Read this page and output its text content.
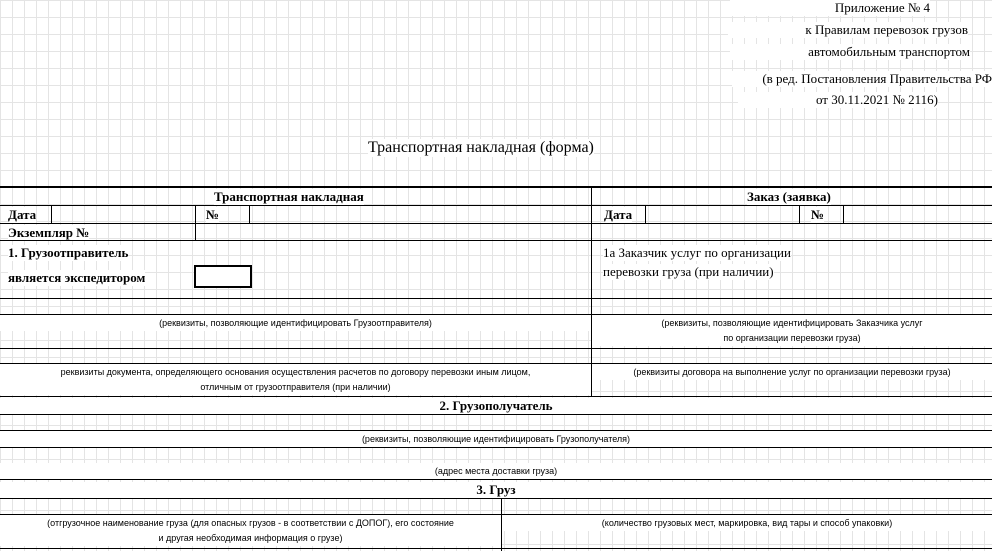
Приложение № 4
к Правилам перевозок грузов
автомобильным транспортом
(в ред. Постановления Правительства РФ
от 30.11.2021 № 2116)
Транспортная накладная (форма)
Транспортная накладная	Заказ (заявка)
Дата	№	Дата	№
Экземпляр №
1. Грузоотправитель
является экспедитором
1а Заказчик услуг по организации
перевозки груза (при наличии)
(реквизиты, позволяющие идентифицировать Грузоотправителя)	(реквизиты, позволяющие идентифицировать Заказчика услуг
по организации перевозки груза)
реквизиты документа, определяющего основания осуществления расчетов по договору перевозки иным лицом,
отличным от грузоотправителя (при наличии)
(реквизиты договора на выполнение услуг по организации перевозки груза)
2. Грузополучатель
(реквизиты, позволяющие идентифицировать Грузополучателя)
(адрес места доставки груза)
3. Груз
(отгрузочное наименование груза (для опасных грузов - в соответствии с ДОПОГ), его состояние
и другая необходимая информация о грузе)
(количество грузовых мест, маркировка, вид тары и способ упаковки)
